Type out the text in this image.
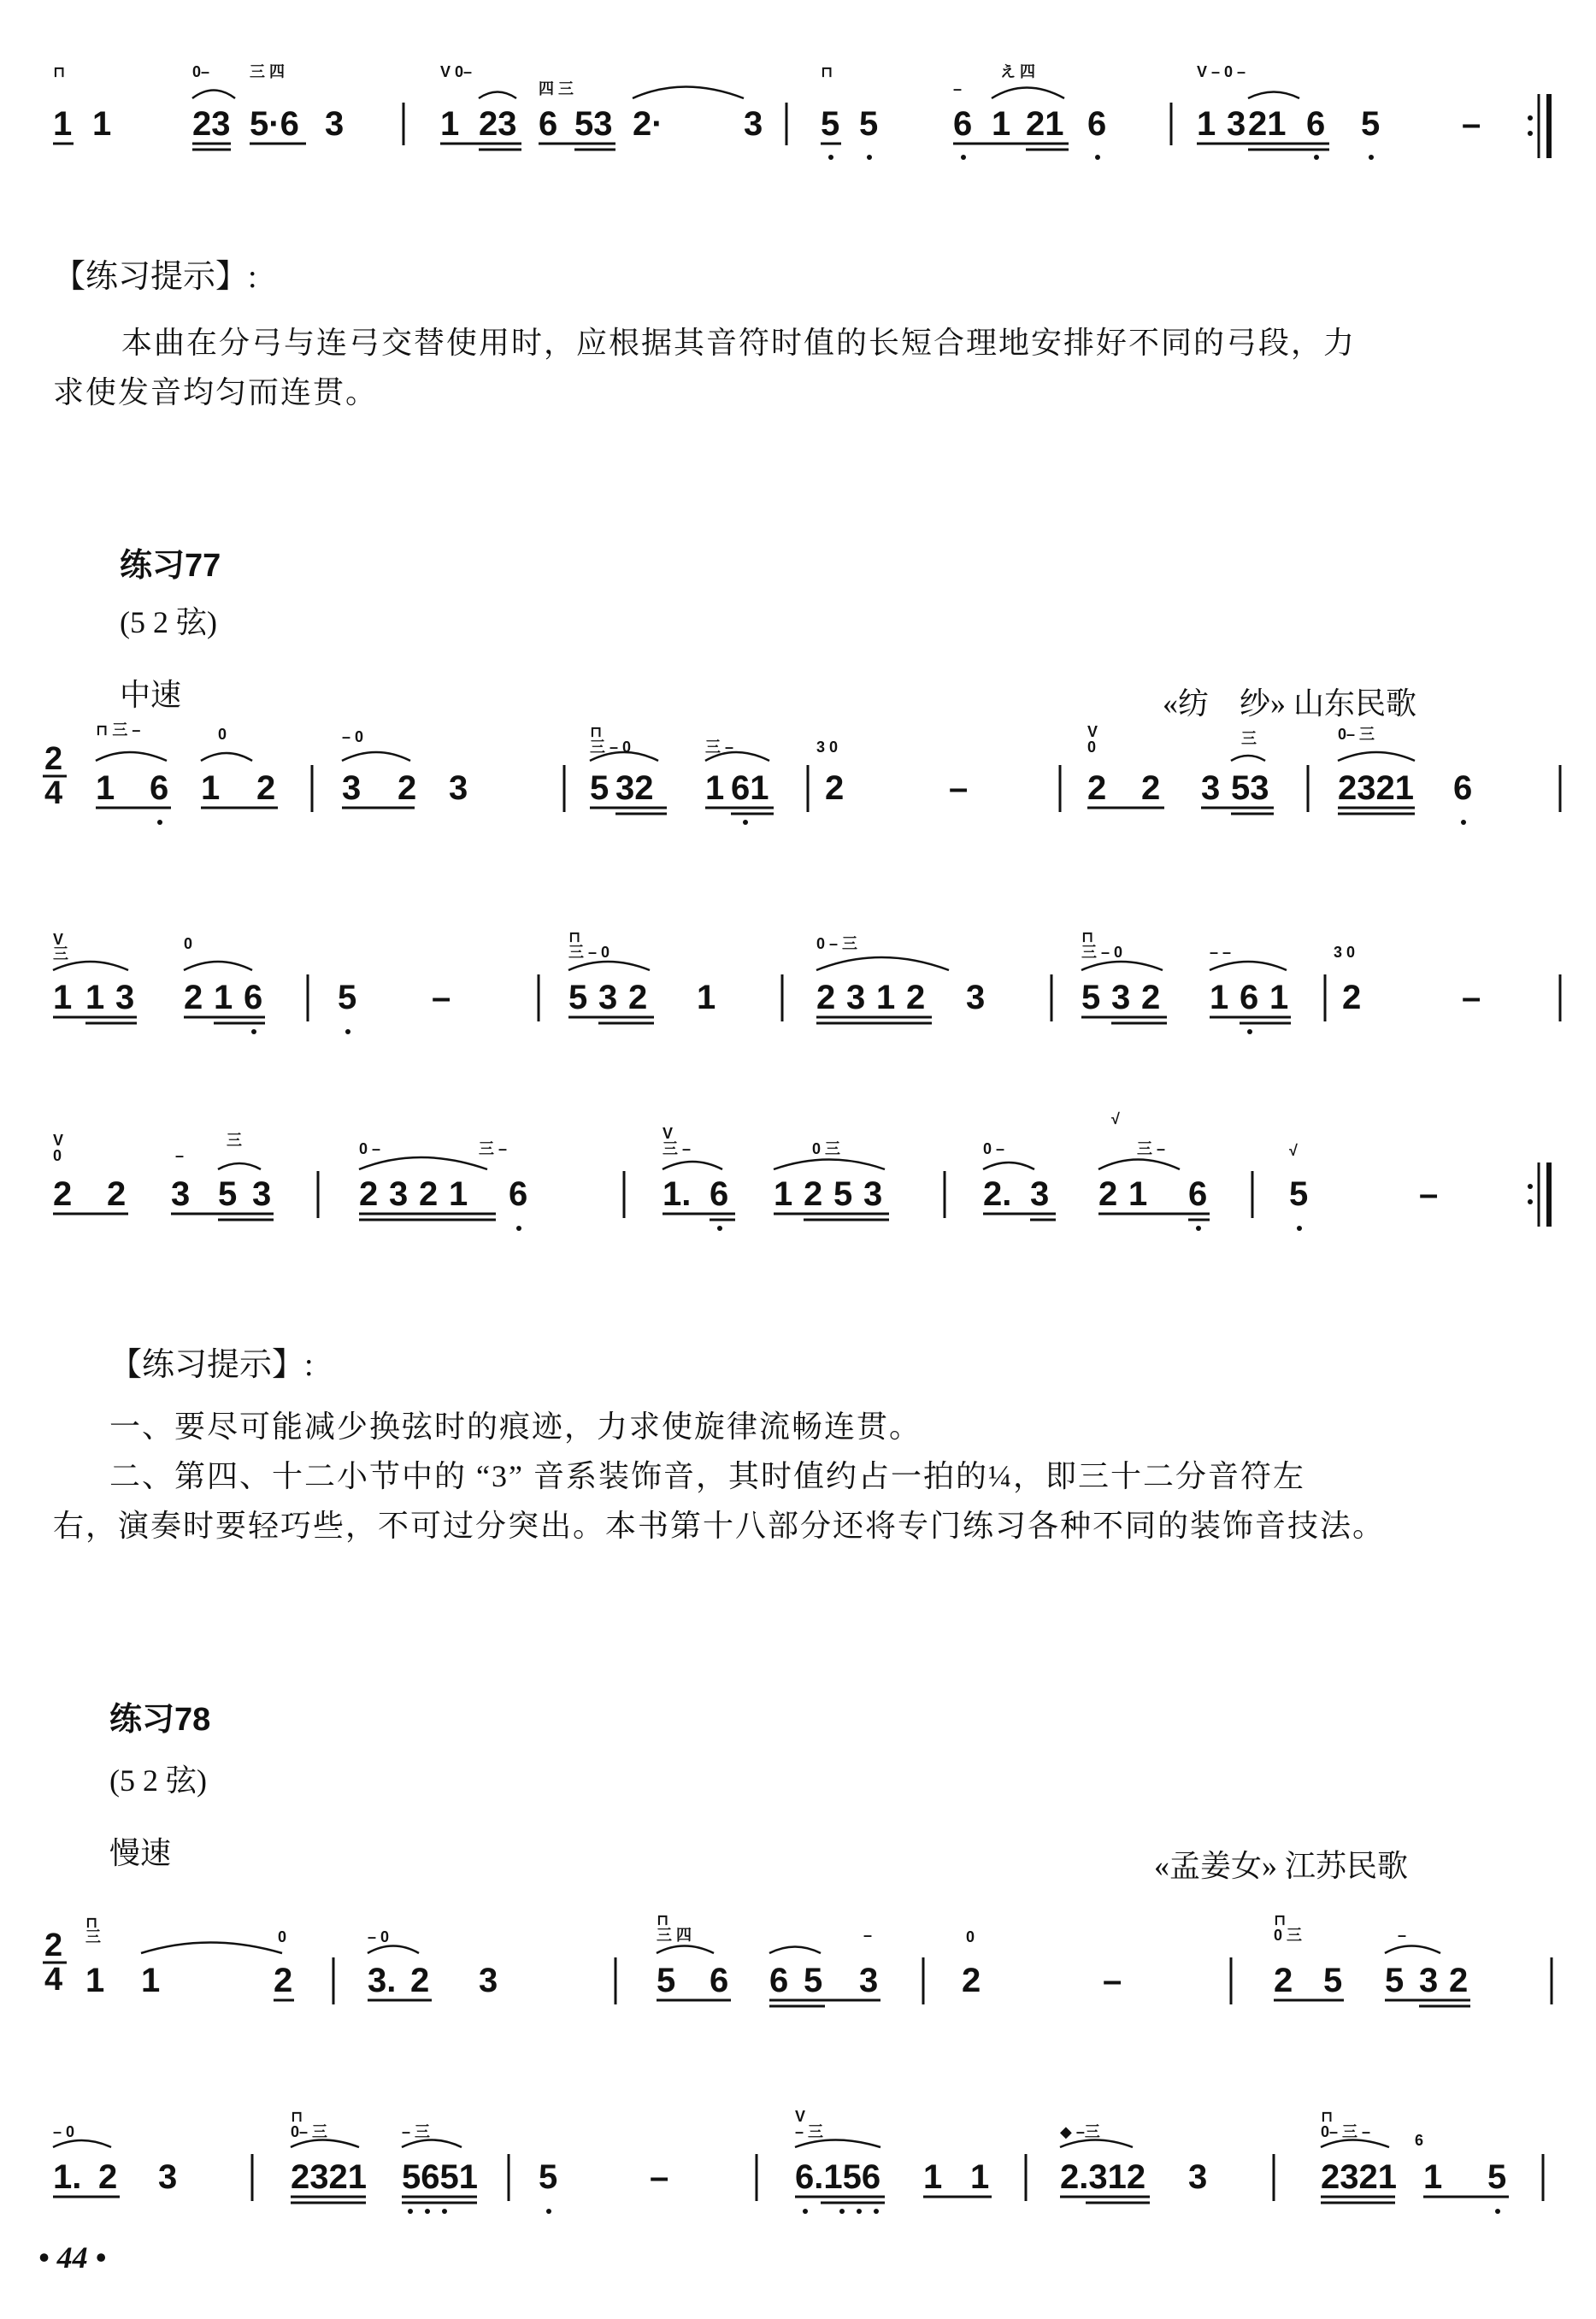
⊓
1 1
0–	三 四
23 5·6 3
V 0–
四 三
1 23 6 53 2· 3
⊓
5 5
–
え 四
6 1 21 6
V – 0 –
1 3 21 6 5 –
【练习提示】:
本曲在分弓与连弓交替使用时，应根据其音符时值的长短合理地安排好不同的弓段，力
求使发音均匀而连贯。
练习77
(5 2 弦)
中速	«纺　纱» 山东民歌
2
4
⊓ 三 –	0
1 6 1 2
– 0
3 2 3
⊓
三 – 0	三 –
5 32 1 61
3 0
2	–
V
0	三
2 2 3 53
0– 三
2321 6
V
三
0
1 1 3 2 1 6 5 –
⊓
三 – 0
5 3 2 1
0 – 三
2 3 1 2 3
⊓
三 – 0	– –
5 3 2 1 6 1
3 0
2	–
V
0	–
三
2 2 3 5 3
0 –	三 –
2 3 2 1 6
V
三 –	0 三
1. 6 1 2 5 3
0 –
√
三 –
2. 3 2 1 6
√
5	–
【练习提示】:
一、要尽可能减少换弦时的痕迹，力求使旋律流畅连贯。
二、第四、十二小节中的 “3” 音系装饰音，其时值约占一拍的¼，即三十二分音符左
右，演奏时要轻巧些，不可过分突出。本书第十八部分还将专门练习各种不同的装饰音技法。
练习78
(5 2 弦)
慢速	«孟姜女» 江苏民歌
2
4
⊓
三	0
1 1	2
– 0
3. 2 3
⊓
三 四	–
5 6 6 5 3
0
2	–
⊓
0 三	–
2 5 5 3 2
– 0
1. 2 3
⊓
0– 三	– 三
2321 5651 5	–
V
– 三
6.156 1 1
◆ –三
2.312 3
⊓
0– 三 –	6
2321 1 5
• 44 •
